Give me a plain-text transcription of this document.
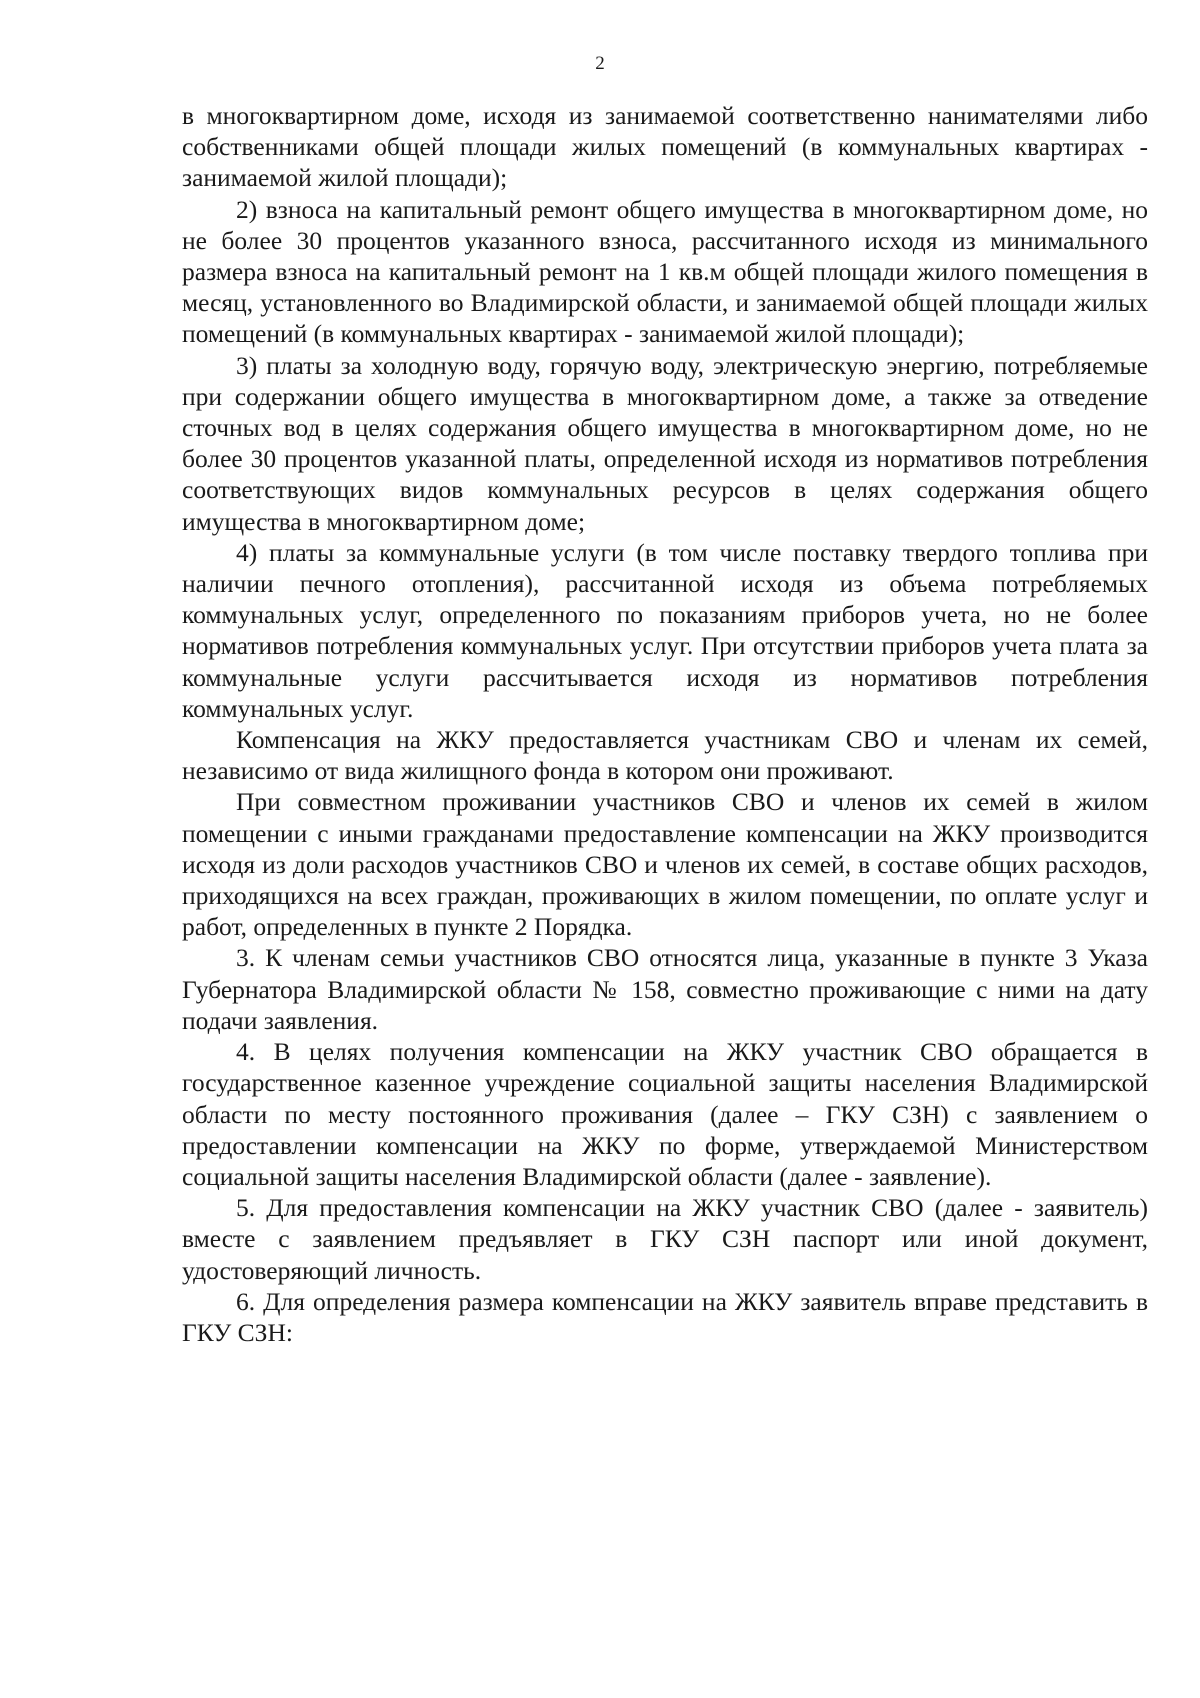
2

в многоквартирном доме, исходя из занимаемой соответственно нанимателями либо собственниками общей площади жилых помещений (в коммунальных квартирах - занимаемой жилой площади);

2) взноса на капитальный ремонт общего имущества в многоквартирном доме, но не более 30 процентов указанного взноса, рассчитанного исходя из минимального размера взноса на капитальный ремонт на 1 кв.м общей площади жилого помещения в месяц, установленного во Владимирской области, и занимаемой общей площади жилых помещений (в коммунальных квартирах - занимаемой жилой площади);

3) платы за холодную воду, горячую воду, электрическую энергию, потребляемые при содержании общего имущества в многоквартирном доме, а также за отведение сточных вод в целях содержания общего имущества в многоквартирном доме, но не более 30 процентов указанной платы, определенной исходя из нормативов потребления соответствующих видов коммунальных ресурсов в целях содержания общего имущества в многоквартирном доме;

4) платы за коммунальные услуги (в том числе поставку твердого топлива при наличии печного отопления), рассчитанной исходя из объема потребляемых коммунальных услуг, определенного по показаниям приборов учета, но не более нормативов потребления коммунальных услуг. При отсутствии приборов учета плата за коммунальные услуги рассчитывается исходя из нормативов потребления коммунальных услуг.

Компенсация на ЖКУ предоставляется участникам СВО и членам их семей, независимо от вида жилищного фонда в котором они проживают.

При совместном проживании участников СВО и членов их семей в жилом помещении с иными гражданами предоставление компенсации на ЖКУ производится исходя из доли расходов участников СВО и членов их семей, в составе общих расходов, приходящихся на всех граждан, проживающих в жилом помещении, по оплате услуг и работ, определенных в пункте 2 Порядка.

3. К членам семьи участников СВО относятся лица, указанные в пункте 3 Указа Губернатора Владимирской области № 158, совместно проживающие с ними на дату подачи заявления.

4. В целях получения компенсации на ЖКУ участник СВО обращается в государственное казенное учреждение социальной защиты населения Владимирской области по месту постоянного проживания (далее – ГКУ СЗН) с заявлением о предоставлении компенсации на ЖКУ по форме, утверждаемой Министерством социальной защиты населения Владимирской области (далее - заявление).

5. Для предоставления компенсации на ЖКУ участник СВО (далее - заявитель) вместе с заявлением предъявляет в ГКУ СЗН паспорт или иной документ, удостоверяющий личность.

6. Для определения размера компенсации на ЖКУ заявитель вправе представить в ГКУ СЗН:
